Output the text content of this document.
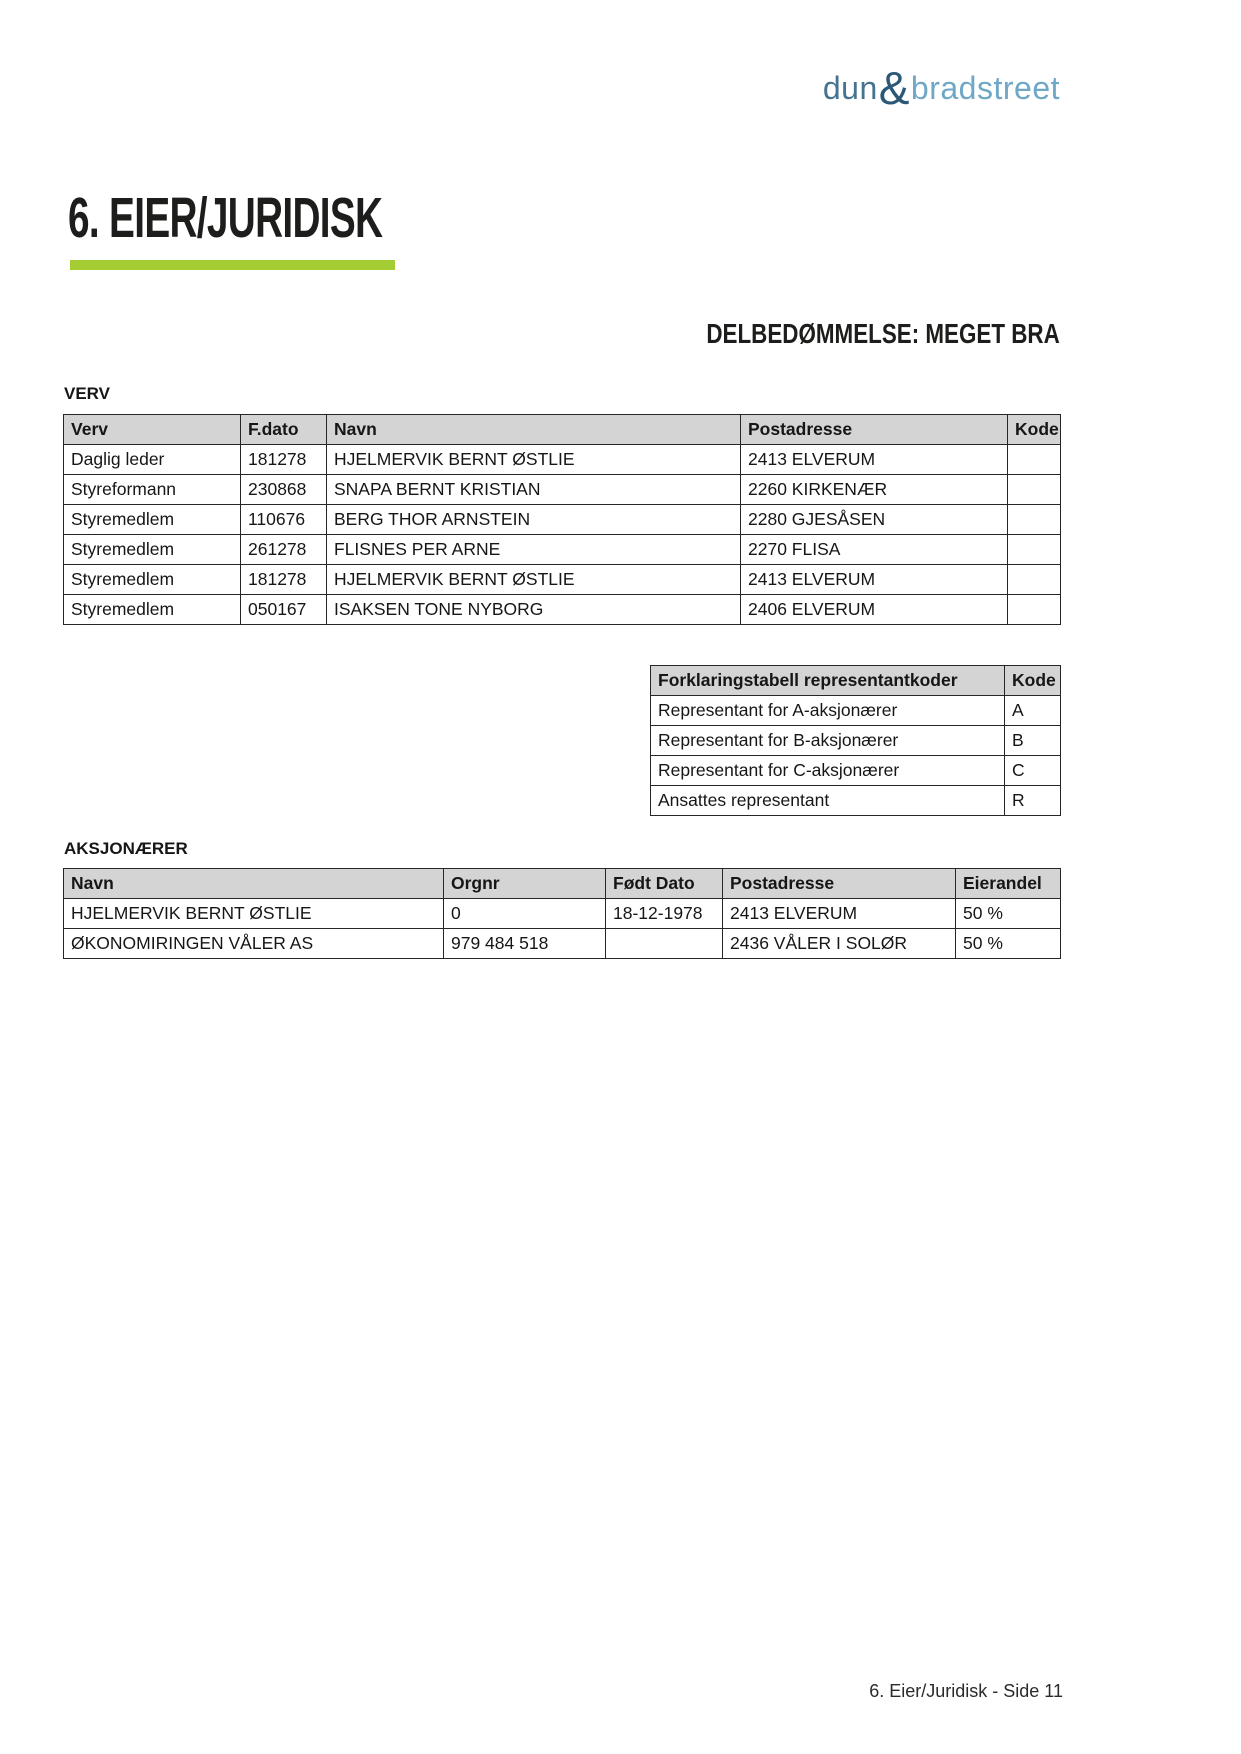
dun & bradstreet
6. EIER/JURIDISK
DELBEDØMMELSE: MEGET BRA
VERV
Verv	F.dato	Navn	Postadresse	Kode
Daglig leder	181278	HJELMERVIK BERNT ØSTLIE	2413 ELVERUM	
Styreformann	230868	SNAPA BERNT KRISTIAN	2260 KIRKENÆR	
Styremedlem	110676	BERG THOR ARNSTEIN	2280 GJESÅSEN	
Styremedlem	261278	FLISNES PER ARNE	2270 FLISA	
Styremedlem	181278	HJELMERVIK BERNT ØSTLIE	2413 ELVERUM	
Styremedlem	050167	ISAKSEN TONE NYBORG	2406 ELVERUM	
Forklaringstabell representantkoder	Kode
Representant for A-aksjonærer	A
Representant for B-aksjonærer	B
Representant for C-aksjonærer	C
Ansattes representant	R
AKSJONÆRER
Navn	Orgnr	Født Dato	Postadresse	Eierandel
HJELMERVIK BERNT ØSTLIE	0	18-12-1978	2413 ELVERUM	50 %
ØKONOMIRINGEN VÅLER AS	979 484 518		2436 VÅLER I SOLØR	50 %
6. Eier/Juridisk - Side 11
